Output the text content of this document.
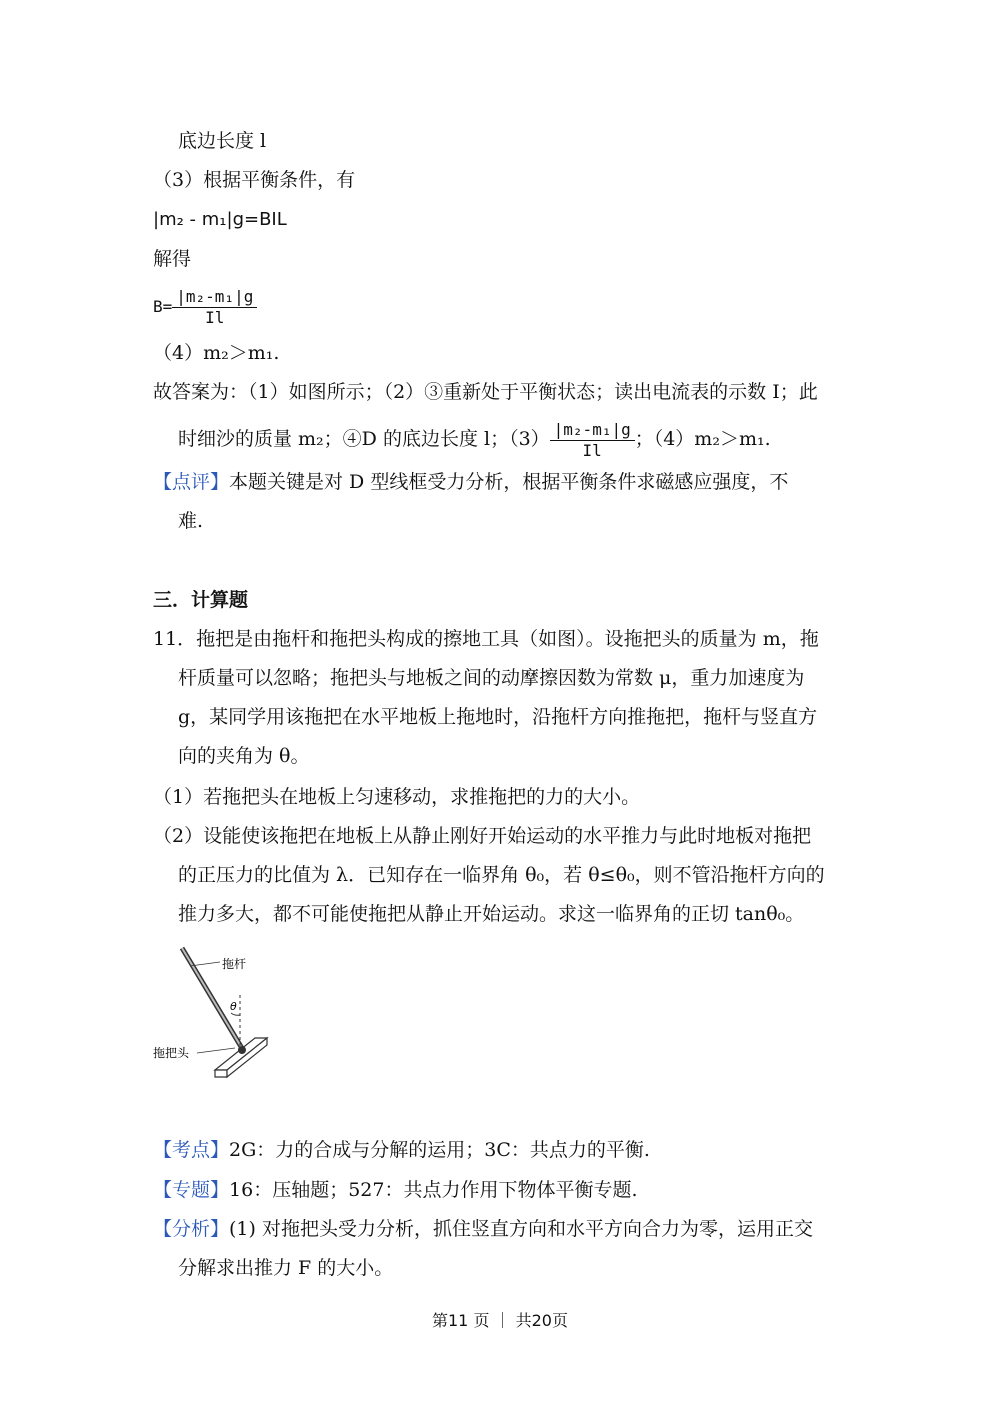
底边长度 l
（3）根据平衡条件，有
|m₂ - m₁|g=BIL
解得
$B= \frac{\text{|m₂-m₁|g}}{Il}$
（4）m₂＞m₁.
故答案为：（1）如图所示；（2）③重新处于平衡状态；读出电流表的示数 I；此
时细沙的质量 m₂；④D 的底边长度 l；$(3) \frac{\text{|m₂-m₁|g}}{Il}$ ；（4）m₂＞m₁.
【点评】本题关键是对 D 型线框受力分析，根据平衡条件求磁感应强度，不
难.
三．计算题
11．拖把是由拖杆和拖把头构成的擦地工具（如图）。设拖把头的质量为 m，拖
杆质量可以忽略；拖把头与地板之间的动摩擦因数为常数 μ，重力加速度为
g，某同学用该拖把在水平地板上拖地时，沿拖杆方向推拖把，拖杆与竖直方
向的夹角为 θ。
（1）若拖把头在地板上匀速移动，求推拖把的力的大小。
（2）设能使该拖把在地板上从静止刚好开始运动的水平推力与此时地板对拖把
的正压力的比值为 λ．已知存在一临界角 θ₀，若 θ≤θ₀，则不管沿拖杆方向的
推力多大，都不可能使拖把从静止开始运动。求这一临界角的正切 tanθ₀。
拖杆
拖把头
θ
【考点】2G：力的合成与分解的运用；3C：共点力的平衡.
【专题】16：压轴题；527：共点力作用下物体平衡专题.
【分析】(1) 对拖把头受力分析，抓住竖直方向和水平方向合力为零，运用正交
分解求出推力 F 的大小。
第11 页 ｜ 共20页
